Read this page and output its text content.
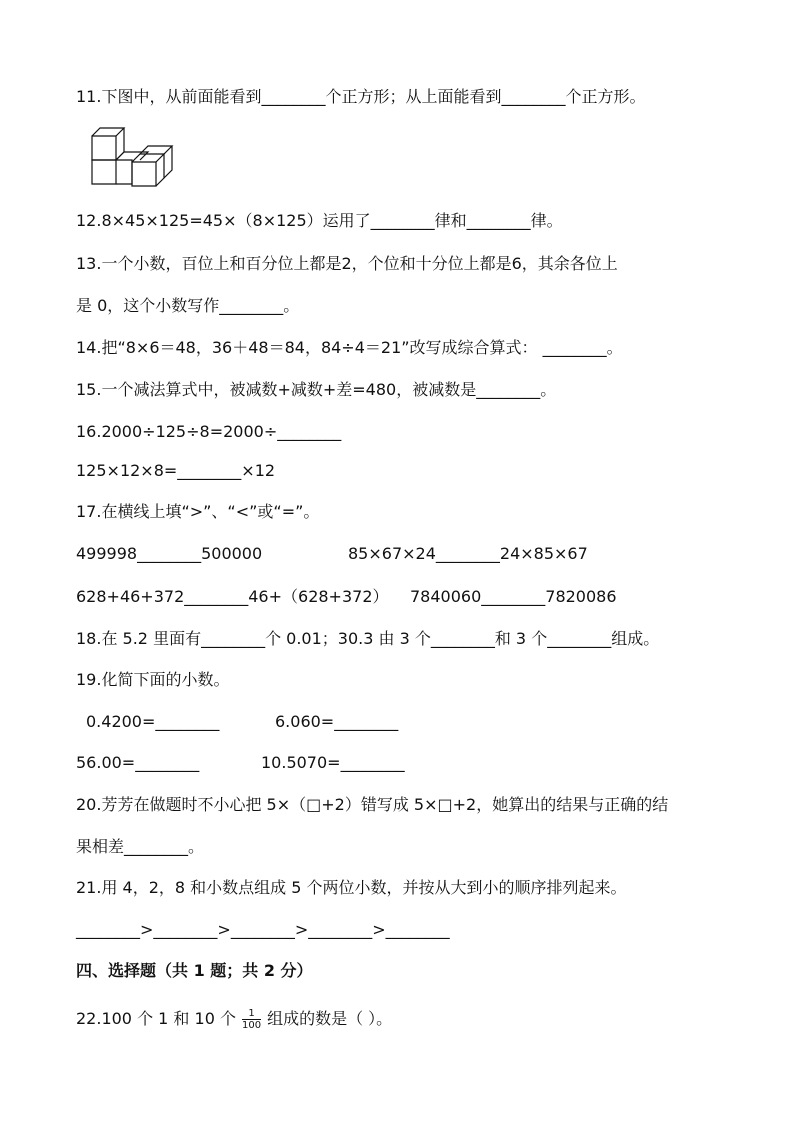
11.下图中，从前面能看到________个正方形；从上面能看到________个正方形。
12.8×45×125=45×（8×125）运用了________律和________律。
13.一个小数，百位上和百分位上都是2，个位和十分位上都是6，其余各位上
是 0，这个小数写作________。
14.把“8×6＝48，36＋48＝84，84÷4＝21”改写成综合算式： ________。
15.一个减法算式中，被减数+减数+差=480，被减数是________。
16.2000÷125÷8=2000÷________
125×12×8=________×12
17.在横线上填“>”、“<”或“=”。
499998________500000	85×67×24________24×85×67
628+46+372________46+（628+372） 7840060________7820086
18.在 5.2 里面有________个 0.01；30.3 由 3 个________和 3 个________组成。
19.化简下面的小数。
0.4200=________	6.060=________
56.00=________	10.5070=________
20.芳芳在做题时不小心把 5×（□+2）错写成 5×□+2，她算出的结果与正确的结
果相差________。
21.用 4，2，8 和小数点组成 5 个两位小数，并按从大到小的顺序排列起来。
________>________>________>________>________
四、选择题（共 1 题；共 2 分）
22.100 个 1 和 10 个 $\frac{1}{100}$ 组成的数是（ ）。
